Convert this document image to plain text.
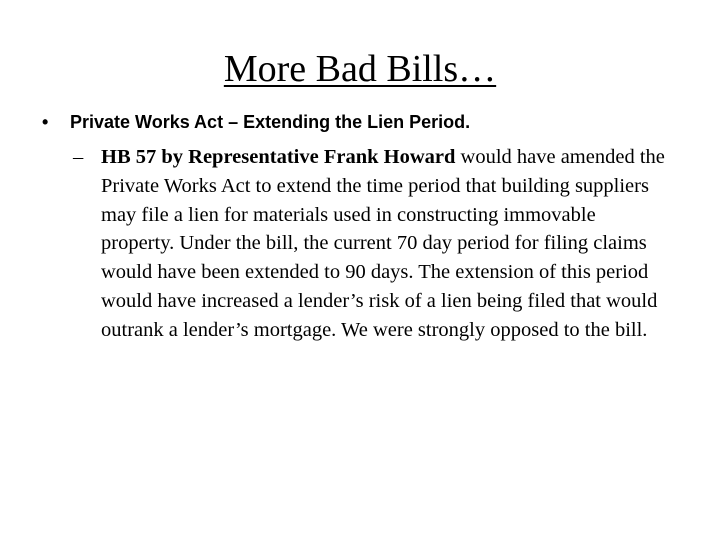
More Bad Bills…
• Private Works Act – Extending the Lien Period.
– HB 57 by Representative Frank Howard would have amended the Private Works Act to extend the time period that building suppliers may file a lien for materials used in constructing immovable property. Under the bill, the current 70 day period for filing claims would have been extended to 90 days. The extension of this period would have increased a lender’s risk of a lien being filed that would outrank a lender’s mortgage. We were strongly opposed to the bill.
